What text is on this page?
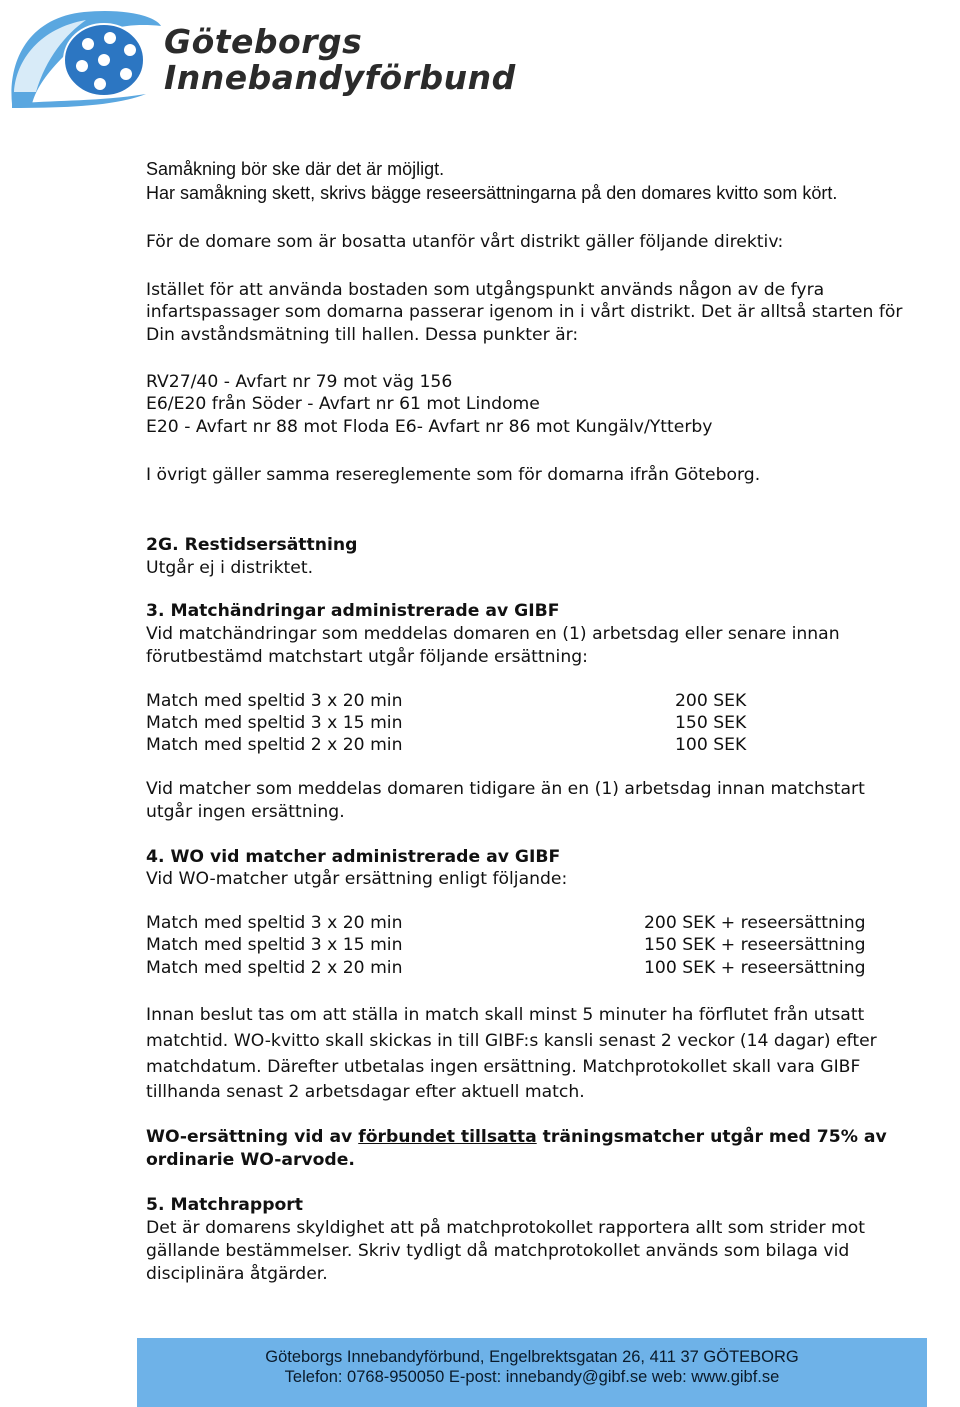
Göteborgs
Innebandyförbund
Samåkning bör ske där det är möjligt.
Har samåkning skett, skrivs bägge reseersättningarna på den domares kvitto som kört.
För de domare som är bosatta utanför vårt distrikt gäller följande direktiv:
Istället för att använda bostaden som utgångspunkt används någon av de fyra
infartspassager som domarna passerar igenom in i vårt distrikt. Det är alltså starten för
Din avståndsmätning till hallen. Dessa punkter är:
RV27/40 - Avfart nr 79 mot väg 156
E6/E20 från Söder - Avfart nr 61 mot Lindome
E20 - Avfart nr 88 mot Floda E6- Avfart nr 86 mot Kungälv/Ytterby
I övrigt gäller samma resereglemente som för domarna ifrån Göteborg.
2G. Restidsersättning
Utgår ej i distriktet.
3. Matchändringar administrerade av GIBF
Vid matchändringar som meddelas domaren en (1) arbetsdag eller senare innan
förutbestämd matchstart utgår följande ersättning:
Match med speltid 3 x 20 min	200 SEK
Match med speltid 3 x 15 min	150 SEK
Match med speltid 2 x 20 min	100 SEK
Vid matcher som meddelas domaren tidigare än en (1) arbetsdag innan matchstart
utgår ingen ersättning.
4. WO vid matcher administrerade av GIBF
Vid WO-matcher utgår ersättning enligt följande:
Match med speltid 3 x 20 min	200 SEK + reseersättning
Match med speltid 3 x 15 min	150 SEK + reseersättning
Match med speltid 2 x 20 min	100 SEK + reseersättning
Innan beslut tas om att ställa in match skall minst 5 minuter ha förflutet från utsatt
matchtid. WO-kvitto skall skickas in till GIBF:s kansli senast 2 veckor (14 dagar) efter
matchdatum. Därefter utbetalas ingen ersättning. Matchprotokollet skall vara GIBF
tillhanda senast 2 arbetsdagar efter aktuell match.
WO-ersättning vid av förbundet tillsatta träningsmatcher utgår med 75% av
ordinarie WO-arvode.
5. Matchrapport
Det är domarens skyldighet att på matchprotokollet rapportera allt som strider mot
gällande bestämmelser. Skriv tydligt då matchprotokollet används som bilaga vid
disciplinära åtgärder.
Göteborgs Innebandyförbund, Engelbrektsgatan 26, 411 37 GÖTEBORG
Telefon: 0768-950050 E-post: innebandy@gibf.se web: www.gibf.se
